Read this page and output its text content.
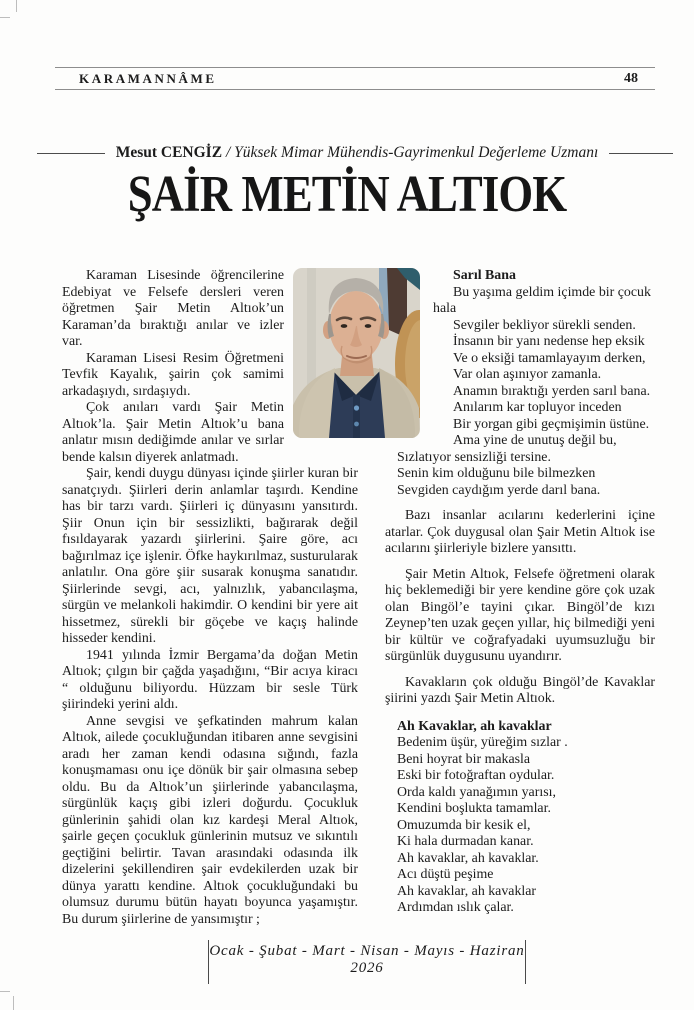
KARAMANNÂME	48
Mesut CENGİZ / Yüksek Mimar Mühendis-Gayrimenkul Değerleme Uzmanı
ŞAİR METİN ALTIOK

Karaman Lisesinde öğrencilerine Edebiyat ve Felsefe dersleri veren öğretmen Şair Metin Altıok’un Karaman’da bıraktığı anılar ve izler var.

Karaman Lisesi Resim Öğretmeni Tevfik Kayalık, şairin çok samimi arkadaşıydı, sırdaşıydı.

Çok anıları vardı Şair Metin Altıok’la. Şair Metin Altıok’u bana anlatır mısın dediğimde anılar ve sırlar bende kalsın diyerek anlatmadı.

Şair, kendi duygu dünyası içinde şiirler kuran bir sanatçıydı. Şiirleri derin anlamlar taşırdı. Kendine has bir tarzı vardı. Şiirleri iç dünyasını yansıtırdı. Şiir Onun için bir sessizlikti, bağırarak değil fısıldayarak yazardı şiirlerini. Şaire göre, acı bağırılmaz içe işlenir. Öfke haykırılmaz, susturularak anlatılır. Ona göre şiir susarak konuşma sanatıdır. Şiirlerinde sevgi, acı, yalnızlık, yabancılaşma, sürgün ve melankoli hakimdir. O kendini bir yere ait hissetmez, sürekli bir göçebe ve kaçış halinde hisseder kendini.

1941 yılında İzmir Bergama’da doğan Metin Altıok; çılgın bir çağda yaşadığını, “Bir acıya kiracı “ olduğunu biliyordu. Hüzzam bir sesle Türk şiirindeki yerini aldı.

Anne sevgisi ve şefkatinden mahrum kalan Altıok, ailede çocukluğundan itibaren anne sevgisini aradı her zaman kendi odasına sığındı, fazla konuşmaması onu içe dönük bir şair olmasına sebep oldu. Bu da Altıok’un şiirlerinde yabancılaşma, sürgünlük kaçış gibi izleri doğurdu. Çocukluk günlerinin şahidi olan kız kardeşi Meral Altıok, şairle geçen çocukluk günlerinin mutsuz ve sıkıntılı geçtiğini belirtir. Tavan arasındaki odasında ilk dizelerini şekillendiren şair evdekilerden uzak bir dünya yarattı kendine. Altıok çocukluğundaki bu olumsuz durumu bütün hayatı boyunca yaşamıştır. Bu durum şiirlerine de yansımıştır ;

Sarıl Bana
Bu yaşıma geldim içimde bir çocuk
hala
Sevgiler bekliyor sürekli senden.
İnsanın bir yanı nedense hep eksik
Ve o eksiği tamamlayayım derken,
Var olan aşınıyor zamanla.
Anamın bıraktığı yerden sarıl bana.
Anılarım kar topluyor inceden
Bir yorgan gibi geçmişimin üstüne.
Ama yine de unutuş değil bu,
Sızlatıyor sensizliği tersine.
Senin kim olduğunu bile bilmezken
Sevgiden caydığım yerde darıl bana.

Bazı insanlar acılarını kederlerini içine atarlar. Çok duygusal olan Şair Metin Altıok ise acılarını şiirleriyle bizlere yansıttı.

Şair Metin Altıok, Felsefe öğretmeni olarak hiç beklemediği bir yere kendine göre çok uzak olan Bingöl’e tayini çıkar. Bingöl’de kızı Zeynep’ten uzak geçen yıllar, hiç bilmediği yeni bir kültür ve coğrafyadaki uyumsuzluğu bir sürgünlük duygusunu uyandırır.

Kavakların çok olduğu Bingöl’de Kavaklar şiirini yazdı Şair Metin Altıok.

Ah Kavaklar, ah kavaklar
Bedenim üşür, yüreğim sızlar .
Beni hoyrat bir makasla
Eski bir fotoğraftan oydular.
Orda kaldı yanağımın yarısı,
Kendini boşlukta tamamlar.
Omuzumda bir kesik el,
Ki hala durmadan kanar.
Ah kavaklar, ah kavaklar.
Acı düştü peşime
Ah kavaklar, ah kavaklar
Ardımdan ıslık çalar.
Ocak - Şubat - Mart - Nisan - Mayıs - Haziran 2026
